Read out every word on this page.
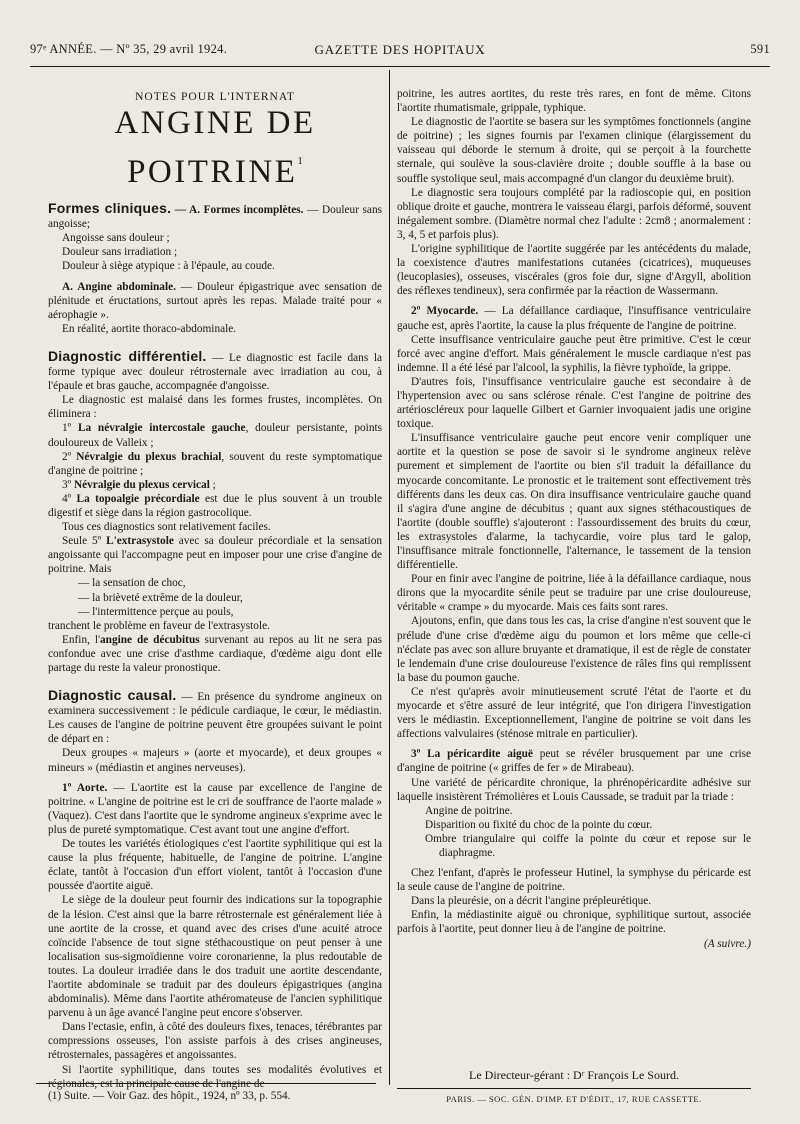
97ᵉ ANNÉE. — Nº 35, 29 avril 1924.	GAZETTE DES HOPITAUX	591

NOTES POUR L'INTERNAT

ANGINE DE POITRINE$^1$

Formes cliniques. — A. Formes incomplètes. — Douleur sans angoisse;

Angoisse sans douleur ;

Douleur sans irradiation ;

Douleur à siège atypique : à l'épaule, au coude.

A. Angine abdominale. — Douleur épigastrique avec sensation de plénitude et éructations, surtout après les repas. Malade traité pour « aérophagie ».

En réalité, aortite thoraco-abdominale.

Diagnostic différentiel. — Le diagnostic est facile dans la forme typique avec douleur rétrosternale avec irradiation au cou, à l'épaule et bras gauche, accompagnée d'angoisse.

Le diagnostic est malaisé dans les formes frustes, incomplètes. On éliminera :

1º La névralgie intercostale gauche, douleur persistante, points douloureux de Valleix ;

2º Névralgie du plexus brachial, souvent du reste symptomatique d'angine de poitrine ;

3º Névralgie du plexus cervical ;

4º La topoalgie précordiale est due le plus souvent à un trouble digestif et siège dans la région gastrocolique.

Tous ces diagnostics sont relativement faciles.

Seule 5º L'extrasystole avec sa douleur précordiale et la sensation angoissante qui l'accompagne peut en imposer pour une crise d'angine de poitrine. Mais

— la sensation de choc,

— la brièveté extrême de la douleur,

— l'intermittence perçue au pouls,

tranchent le problème en faveur de l'extrasystole.

Enfin, l'angine de décubitus survenant au repos au lit ne sera pas confondue avec une crise d'asthme cardiaque, d'œdème aigu dont elle partage du reste la valeur pronostique.

Diagnostic causal. — En présence du syndrome angineux on examinera successivement : le pédicule cardiaque, le cœur, le médiastin. Les causes de l'angine de poitrine peuvent être groupées suivant le point de départ en :

Deux groupes « majeurs » (aorte et myocarde), et deux groupes « mineurs » (médiastin et angines nerveuses).

1º Aorte. — L'aortite est la cause par excellence de l'angine de poitrine. « L'angine de poitrine est le cri de souffrance de l'aorte malade » (Vaquez). C'est dans l'aortite que le syndrome angineux s'exprime avec le plus de pureté symptomatique. C'est avant tout une angine d'effort.

De toutes les variétés étiologiques c'est l'aortite syphilitique qui est la cause la plus fréquente, habituelle, de l'angine de poitrine. L'angine éclate, tantôt à l'occasion d'un effort violent, tantôt à l'occasion d'une poussée d'aortite aiguë.

Le siège de la douleur peut fournir des indications sur la topographie de la lésion. C'est ainsi que la barre rétrosternale est généralement liée à une aortite de la crosse, et quand avec des crises d'une acuité atroce coïncide l'absence de tout signe stéthacoustique on peut penser à une localisation sus-sigmoïdienne voire coronarienne, la plus redoutable de toutes. La douleur irradiée dans le dos traduit une aortite descendante, l'aortite abdominale se traduit par des douleurs épigastriques (angina abdominalis). Même dans l'aortite athéromateuse de l'ancien syphilitique parvenu à un âge avancé l'angine peut encore s'observer.

Dans l'ectasie, enfin, à côté des douleurs fixes, tenaces, térébrantes par compressions osseuses, l'on assiste parfois à des crises angineuses, rétrosternales, passagères et angoissantes.

Si l'aortite syphilitique, dans toutes ses modalités évolutives et régionales, est la principale cause de l'angine de

poitrine, les autres aortites, du reste très rares, en font de même. Citons l'aortite rhumatismale, grippale, typhique.

Le diagnostic de l'aortite se basera sur les symptômes fonctionnels (angine de poitrine) ; les signes fournis par l'examen clinique (élargissement du vaisseau qui déborde le sternum à droite, qui se perçoit à la fourchette sternale, qui soulève la sous-clavière droite ; double souffle à la base ou souffle systolique seul, mais accompagné d'un clangor du deuxième bruit).

Le diagnostic sera toujours complété par la radioscopie qui, en position oblique droite et gauche, montrera le vaisseau élargi, parfois déformé, souvent inégalement sombre. (Diamètre normal chez l'adulte : 2cm8 ; anormalement : 3, 4, 5 et parfois plus).

L'origine syphilitique de l'aortite suggérée par les antécédents du malade, la coexistence d'autres manifestations cutanées (cicatrices), muqueuses (leucoplasies), osseuses, viscérales (gros foie dur, signe d'Argyll, abolition des réflexes tendineux), sera confirmée par la réaction de Wassermann.

2º Myocarde. — La défaillance cardiaque, l'insuffisance ventriculaire gauche est, après l'aortite, la cause la plus fréquente de l'angine de poitrine.

Cette insuffisance ventriculaire gauche peut être primitive. C'est le cœur forcé avec angine d'effort. Mais généralement le muscle cardiaque n'est pas indemne. Il a été lésé par l'alcool, la syphilis, la fièvre typhoïde, la grippe.

D'autres fois, l'insuffisance ventriculaire gauche est secondaire à de l'hypertension avec ou sans sclérose rénale. C'est l'angine de poitrine des artérioscléreux pour laquelle Gilbert et Garnier invoquaient jadis une origine toxique.

L'insuffisance ventriculaire gauche peut encore venir compliquer une aortite et la question se pose de savoir si le syndrome angineux relève purement et simplement de l'aortite ou bien s'il traduit la défaillance du myocarde concomitante. Le pronostic et le traitement sont effectivement très différents dans les deux cas. On dira insuffisance ventriculaire gauche quand il s'agira d'une angine de décubitus ; quant aux signes stéthacoustiques de l'aortite (double souffle) s'ajouteront : l'assourdissement des bruits du cœur, les extrasystoles d'alarme, la tachycardie, voire plus tard le galop, l'insuffisance mitrale fonctionnelle, l'alternance, le tassement de la tension différentielle.

Pour en finir avec l'angine de poitrine, liée à la défaillance cardiaque, nous dirons que la myocardite sénile peut se traduire par une crise douloureuse, véritable « crampe » du myocarde. Mais ces faits sont rares.

Ajoutons, enfin, que dans tous les cas, la crise d'angine n'est souvent que le prélude d'une crise d'œdème aigu du poumon et lors même que celle-ci n'éclate pas avec son allure bruyante et dramatique, il est de règle de constater le lendemain d'une crise douloureuse l'existence de râles fins qui remplissent la base du poumon gauche.

Ce n'est qu'après avoir minutieusement scruté l'état de l'aorte et du myocarde et s'être assuré de leur intégrité, que l'on dirigera l'investigation vers le médiastin. Exceptionnellement, l'angine de poitrine se voit dans les affections valvulaires (sténose mitrale en particulier).

3º La péricardite aiguë peut se révéler brusquement par une crise d'angine de poitrine (« griffes de fer » de Mirabeau).

Une variété de péricardite chronique, la phrénopéricardite adhésive sur laquelle insistèrent Trémolières et Louis Caussade, se traduit par la triade :

Angine de poitrine.

Disparition ou fixité du choc de la pointe du cœur.

Ombre triangulaire qui coiffe la pointe du cœur et repose sur le diaphragme.

Chez l'enfant, d'après le professeur Hutinel, la symphyse du péricarde est la seule cause de l'angine de poitrine.

Dans la pleurésie, on a décrit l'angine prépleurétique.

Enfin, la médiastinite aiguë ou chronique, syphilitique surtout, associée parfois à l'aortite, peut donner lieu à de l'angine de poitrine.

(A suivre.)

(1) Suite. — Voir Gaz. des hôpit., 1924, nº 33, p. 554.
Le Directeur-gérant : Dʳ François Le Sourd.
PARIS. — SOC. GÉN. D'IMP. ET D'ÉDIT., 17, RUE CASSETTE.
